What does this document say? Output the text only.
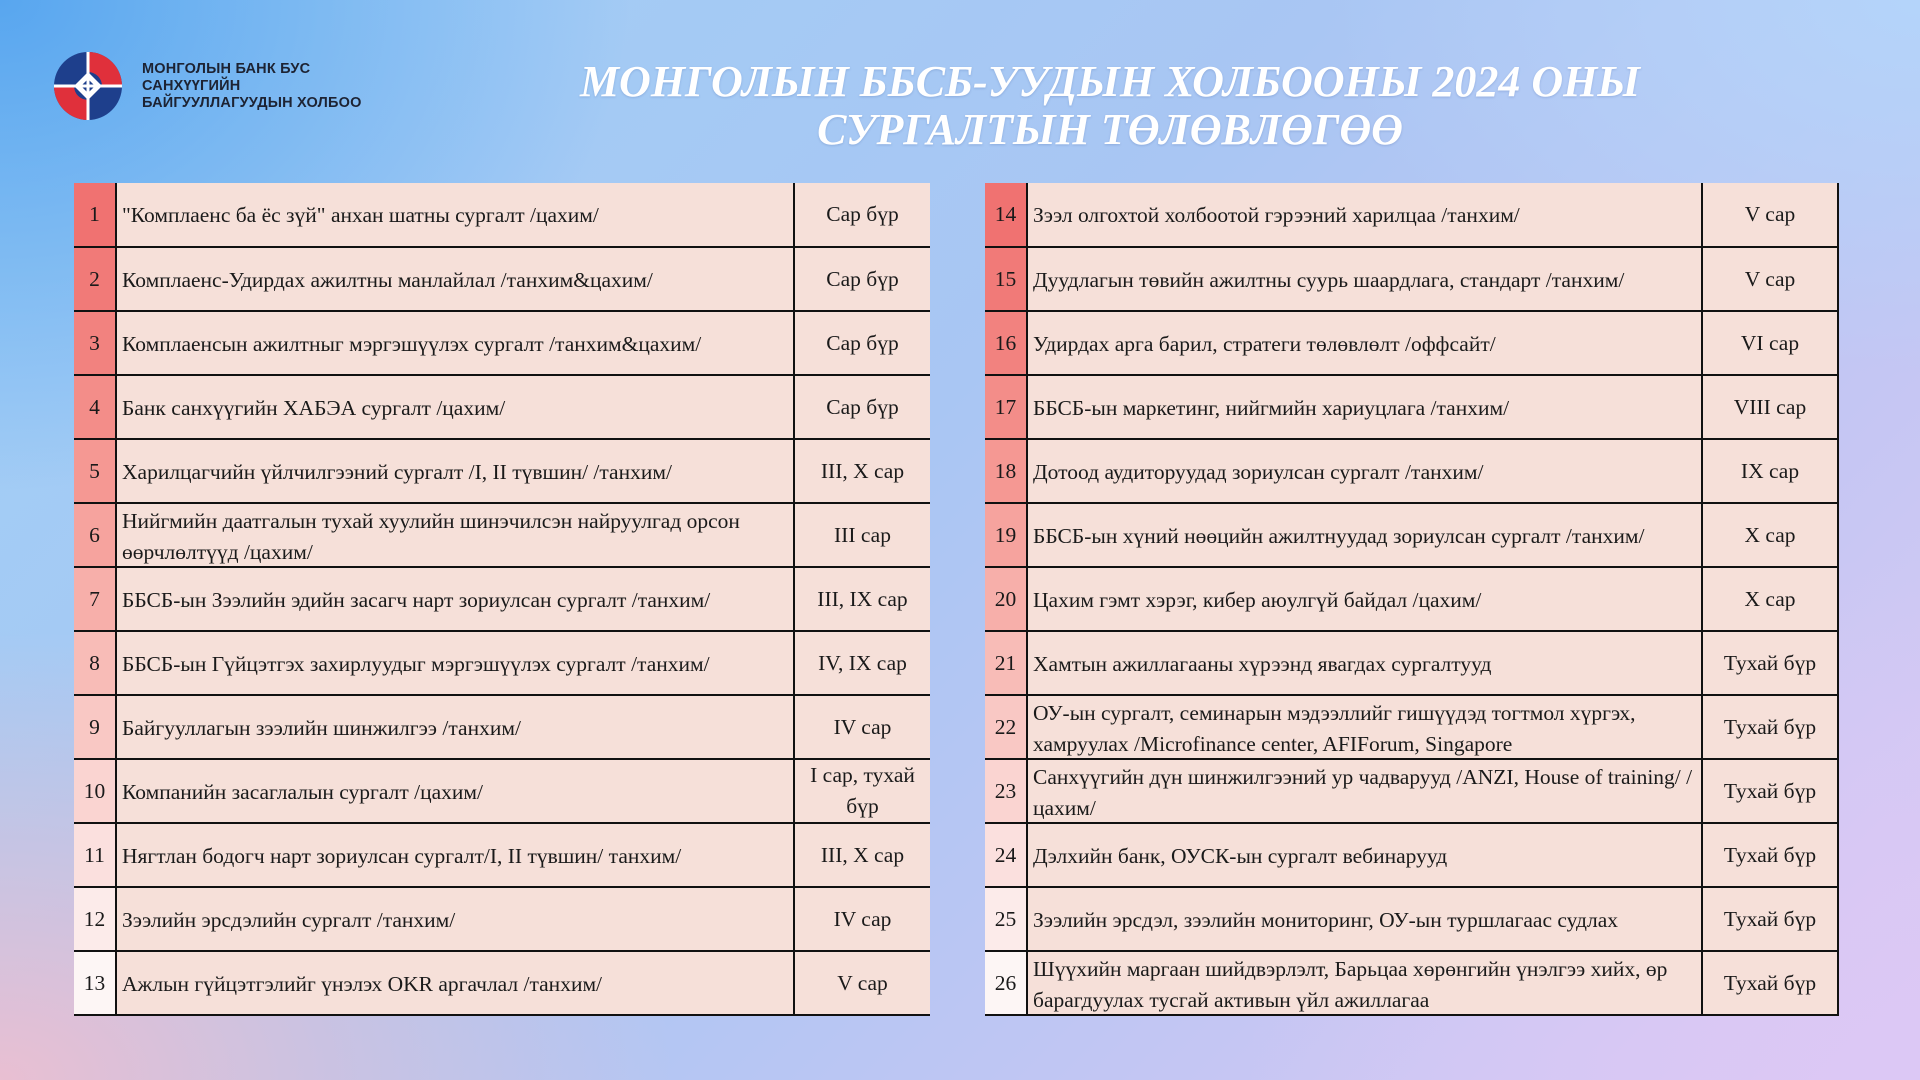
МОНГОЛЫН БАНК БУС
САНХҮҮГИЙН
БАЙГУУЛЛАГУУДЫН ХОЛБОО	МОНГОЛЫН ББСБ-УУДЫН ХОЛБООНЫ 2024 ОНЫ
СУРГАЛТЫН ТӨЛӨВЛӨГӨӨ
1	"Комплаенс ба ёс зүй" анхан шатны сургалт /цахим/	Сар бүр
2	Комплаенс-Удирдах ажилтны манлайлал /танхим&цахим/	Сар бүр
3	Комплаенсын ажилтныг мэргэшүүлэх сургалт /танхим&цахим/	Сар бүр
4	Банк санхүүгийн ХАБЭА сургалт /цахим/	Сар бүр
5	Харилцагчийн үйлчилгээний сургалт /I, II түвшин/ /танхим/	III, X сар
6	Нийгмийн даатгалын тухай хуулийн шинэчилсэн найруулгад орсон өөрчлөлтүүд /цахим/	III сар
7	ББСБ-ын Зээлийн эдийн засагч нарт зориулсан сургалт /танхим/	III, IX сар
8	ББСБ-ын Гүйцэтгэх захирлуудыг мэргэшүүлэх сургалт /танхим/	IV, IX сар
9	Байгууллагын зээлийн шинжилгээ /танхим/	IV сар
10	Компанийн засаглалын сургалт /цахим/	I сар, тухай бүр
11	Нягтлан бодогч нарт зориулсан сургалт/I, II түвшин/ танхим/	III, X сар
12	Зээлийн эрсдэлийн сургалт /танхим/	IV сар
13	Ажлын гүйцэтгэлийг үнэлэх OKR аргачлал /танхим/	V сар
14	Зээл олгохтой холбоотой гэрээний харилцаа /танхим/	V сар
15	Дуудлагын төвийн ажилтны суурь шаардлага, стандарт /танхим/	V сар
16	Удирдах арга барил, стратеги төлөвлөлт /оффсайт/	VI сар
17	ББСБ-ын маркетинг, нийгмийн хариуцлага /танхим/	VIII сар
18	Дотоод аудиторуудад зориулсан сургалт /танхим/	IX сар
19	ББСБ-ын хүний нөөцийн ажилтнуудад зориулсан сургалт /танхим/	X сар
20	Цахим гэмт хэрэг, кибер аюулгүй байдал /цахим/	X сар
21	Хамтын ажиллагааны хүрээнд явагдах сургалтууд	Тухай бүр
22	ОУ-ын сургалт, семинарын мэдээллийг гишүүдэд тогтмол хүргэх, хамруулах /Microfinance center, AFIForum, Singapore	Тухай бүр
23	Санхүүгийн дүн шинжилгээний ур чадварууд /ANZI, House of training/ /цахим/	Тухай бүр
24	Дэлхийн банк, ОУСК-ын сургалт вебинарууд	Тухай бүр
25	Зээлийн эрсдэл, зээлийн мониторинг, ОУ-ын туршлагаас судлах	Тухай бүр
26	Шүүхийн маргаан шийдвэрлэлт, Барьцаа хөрөнгийн үнэлгээ хийх, өр барагдуулах тусгай активын үйл ажиллагаа	Тухай бүр
